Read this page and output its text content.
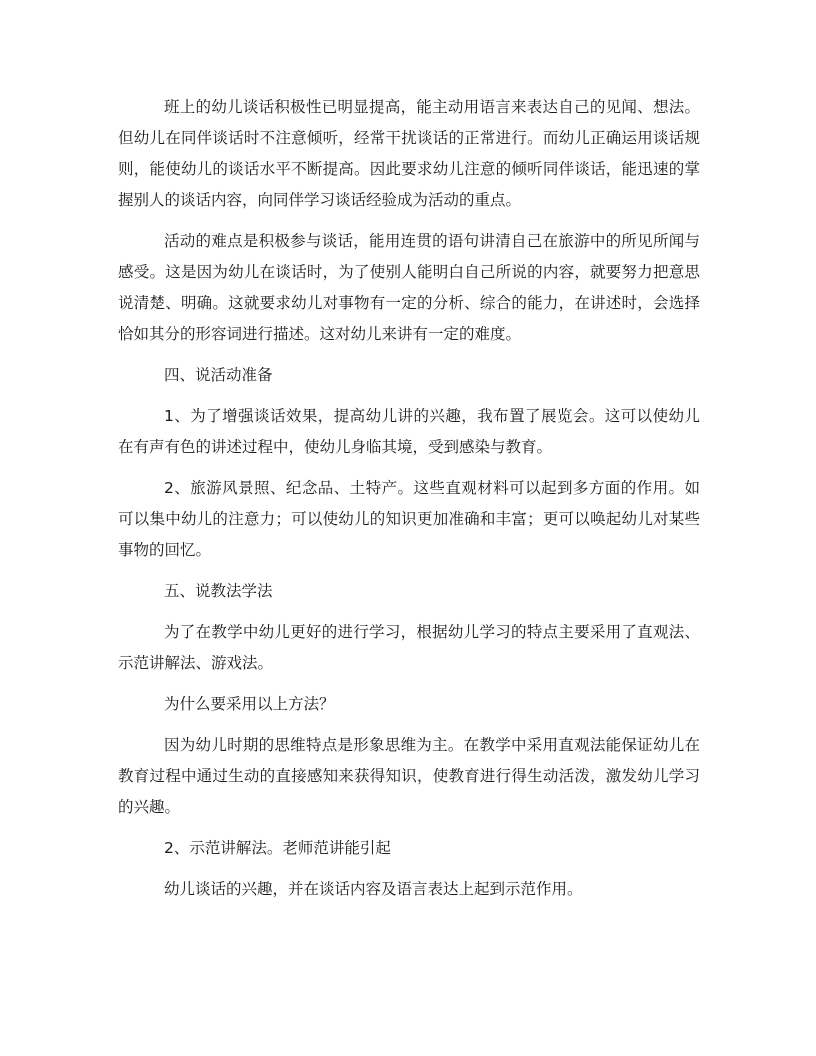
班上的幼儿谈话积极性已明显提高，能主动用语言来表达自己的见闻、想法。但幼儿在同伴谈话时不注意倾听，经常干扰谈话的正常进行。而幼儿正确运用谈话规则，能使幼儿的谈话水平不断提高。因此要求幼儿注意的倾听同伴谈话，能迅速的掌握别人的谈话内容，向同伴学习谈话经验成为活动的重点。

活动的难点是积极参与谈话，能用连贯的语句讲清自己在旅游中的所见所闻与感受。这是因为幼儿在谈话时，为了使别人能明白自己所说的内容，就要努力把意思说清楚、明确。这就要求幼儿对事物有一定的分析、综合的能力，在讲述时，会选择恰如其分的形容词进行描述。这对幼儿来讲有一定的难度。

四、说活动准备

1、为了增强谈话效果，提高幼儿讲的兴趣，我布置了展览会。这可以使幼儿在有声有色的讲述过程中，使幼儿身临其境，受到感染与教育。

2、旅游风景照、纪念品、土特产。这些直观材料可以起到多方面的作用。如可以集中幼儿的注意力；可以使幼儿的知识更加准确和丰富；更可以唤起幼儿对某些事物的回忆。

五、说教法学法

为了在教学中幼儿更好的进行学习，根据幼儿学习的特点主要采用了直观法、示范讲解法、游戏法。

为什么要采用以上方法？

因为幼儿时期的思维特点是形象思维为主。在教学中采用直观法能保证幼儿在教育过程中通过生动的直接感知来获得知识，使教育进行得生动活泼，激发幼儿学习的兴趣。

2、示范讲解法。老师范讲能引起

幼儿谈话的兴趣，并在谈话内容及语言表达上起到示范作用。
